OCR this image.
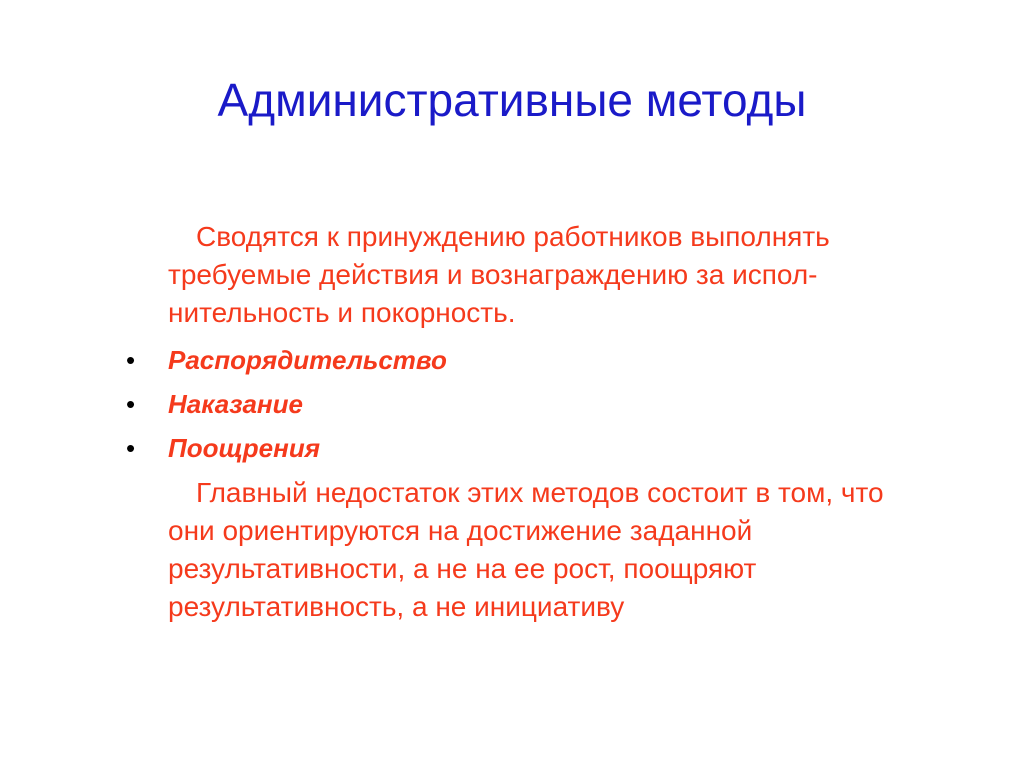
Административные методы

Сводятся к принуждению работников выполнять требуемые действия и вознаграждению за испол-нительность и покорность.

• Распорядительство
• Наказание
• Поощрения

Главный недостаток этих методов состоит в том, что они ориентируются на достижение заданной результативности, а не на ее рост, поощряют результативность, а не инициативу
